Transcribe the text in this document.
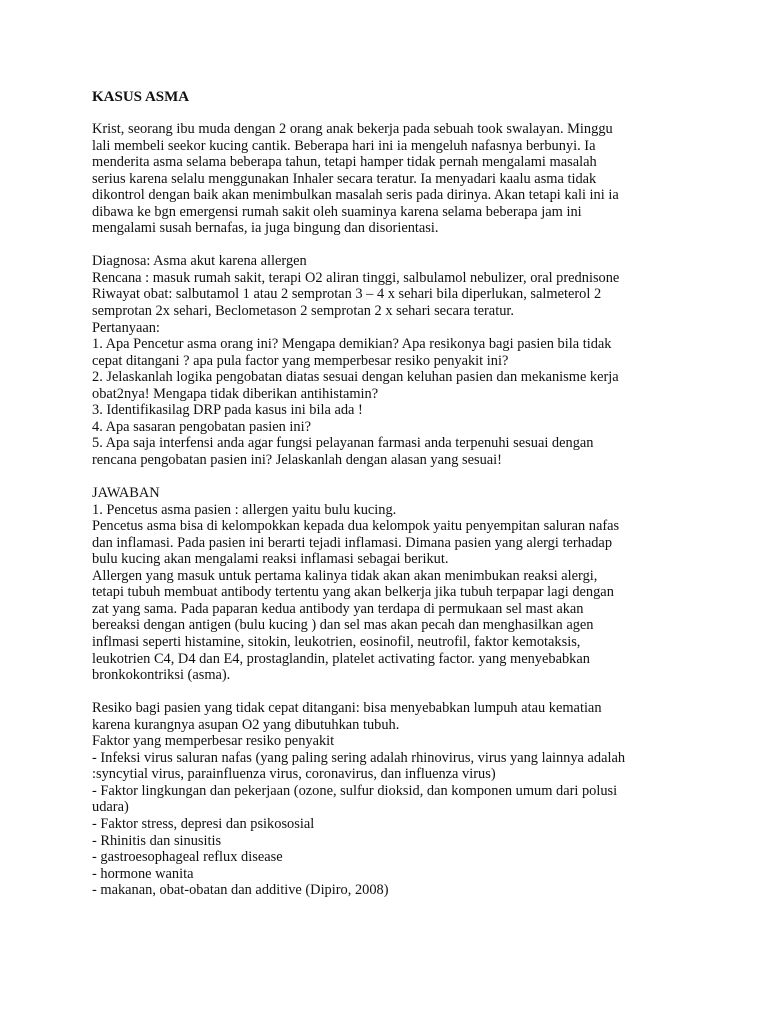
KASUS ASMA
Krist, seorang ibu muda dengan 2 orang anak bekerja pada sebuah took swalayan. Minggu
lali membeli seekor kucing cantik. Beberapa hari ini ia mengeluh nafasnya berbunyi. Ia
menderita asma selama beberapa tahun, tetapi hamper tidak pernah mengalami masalah
serius karena selalu menggunakan Inhaler secara teratur. Ia menyadari kaalu asma tidak
dikontrol dengan baik akan menimbulkan masalah seris pada dirinya. Akan tetapi kali ini ia
dibawa ke bgn emergensi rumah sakit oleh suaminya karena selama beberapa jam ini
mengalami susah bernafas, ia juga bingung dan disorientasi.
Diagnosa: Asma akut karena allergen
Rencana : masuk rumah sakit, terapi O2 aliran tinggi, salbulamol nebulizer, oral prednisone
Riwayat obat: salbutamol 1 atau 2 semprotan 3 – 4 x sehari bila diperlukan, salmeterol 2
semprotan 2x sehari, Beclometason 2 semprotan 2 x sehari secara teratur.
Pertanyaan:
1. Apa Pencetur asma orang ini? Mengapa demikian? Apa resikonya bagi pasien bila tidak
cepat ditangani ? apa pula factor yang memperbesar resiko penyakit ini?
2. Jelaskanlah logika pengobatan diatas sesuai dengan keluhan pasien dan mekanisme kerja
obat2nya! Mengapa tidak diberikan antihistamin?
3. Identifikasilag DRP pada kasus ini bila ada !
4. Apa sasaran pengobatan pasien ini?
5. Apa saja interfensi anda agar fungsi pelayanan farmasi anda terpenuhi sesuai dengan
rencana pengobatan pasien ini? Jelaskanlah dengan alasan yang sesuai!
JAWABAN
1. Pencetus asma pasien : allergen yaitu bulu kucing.
Pencetus asma bisa di kelompokkan kepada dua kelompok yaitu penyempitan saluran nafas
dan inflamasi. Pada pasien ini berarti tejadi inflamasi. Dimana pasien yang alergi terhadap
bulu kucing akan mengalami reaksi inflamasi sebagai berikut.
Allergen yang masuk untuk pertama kalinya tidak akan akan menimbukan reaksi alergi,
tetapi tubuh membuat antibody tertentu yang akan belkerja jika tubuh terpapar lagi dengan
zat yang sama. Pada paparan kedua antibody yan terdapa di permukaan sel mast akan
bereaksi dengan antigen (bulu kucing ) dan sel mas akan pecah dan menghasilkan agen
inflmasi seperti histamine, sitokin, leukotrien, eosinofil, neutrofil, faktor kemotaksis,
leukotrien C4, D4 dan E4, prostaglandin, platelet activating factor. yang menyebabkan
bronkokontriksi (asma).
Resiko bagi pasien yang tidak cepat ditangani: bisa menyebabkan lumpuh atau kematian
karena kurangnya asupan O2 yang dibutuhkan tubuh.
Faktor yang memperbesar resiko penyakit
- Infeksi virus saluran nafas (yang paling sering adalah rhinovirus, virus yang lainnya adalah
:syncytial virus, parainfluenza virus, coronavirus, dan influenza virus)
- Faktor lingkungan dan pekerjaan (ozone, sulfur dioksid, dan komponen umum dari polusi
udara)
- Faktor stress, depresi dan psikososial
- Rhinitis dan sinusitis
- gastroesophageal reflux disease
- hormone wanita
- makanan, obat-obatan dan additive (Dipiro, 2008)
